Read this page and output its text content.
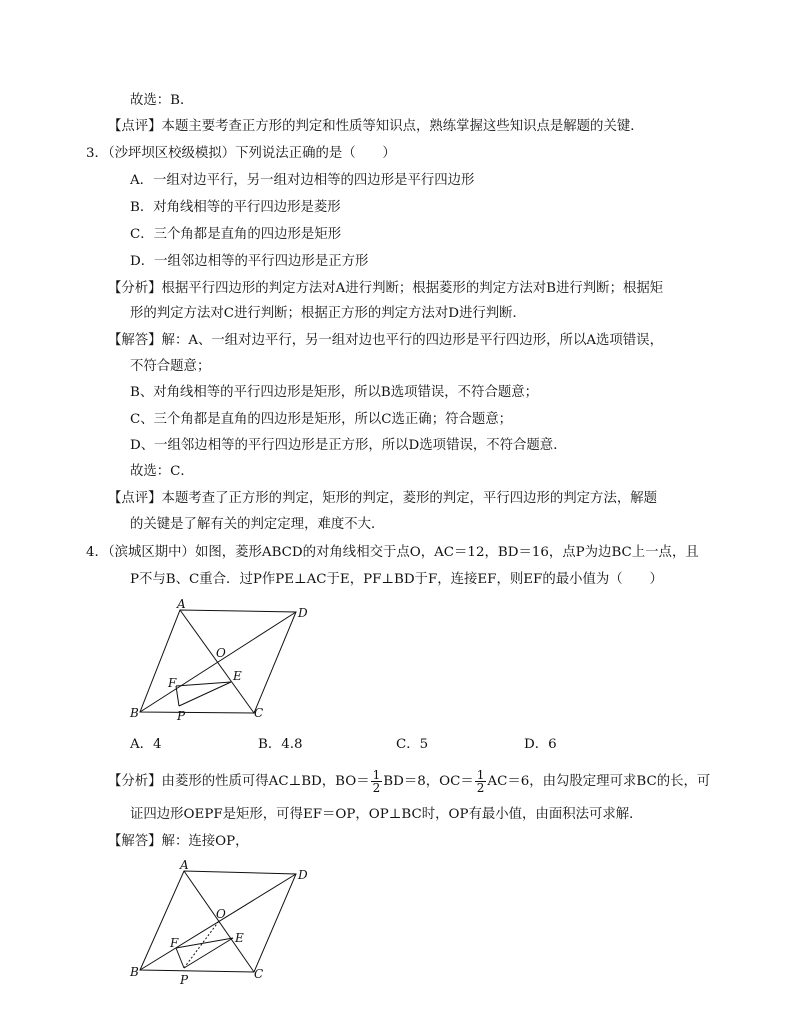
故选：B．
【点评】本题主要考查正方形的判定和性质等知识点，熟练掌握这些知识点是解题的关键．
3．（沙坪坝区校级模拟）下列说法正确的是（　　）
A．一组对边平行，另一组对边相等的四边形是平行四边形
B．对角线相等的平行四边形是菱形
C．三个角都是直角的四边形是矩形
D．一组邻边相等的平行四边形是正方形
【分析】根据平行四边形的判定方法对A进行判断；根据菱形的判定方法对B进行判断；根据矩
形的判定方法对C进行判断；根据正方形的判定方法对D进行判断．
【解答】解：A、一组对边平行，另一组对边也平行的四边形是平行四边形，所以A选项错误，
不符合题意；
B、对角线相等的平行四边形是矩形，所以B选项错误，不符合题意；
C、三个角都是直角的四边形是矩形，所以C选正确；符合题意；
D、一组邻边相等的平行四边形是正方形，所以D选项错误，不符合题意．
故选：C．
【点评】本题考查了正方形的判定，矩形的判定，菱形的判定，平行四边形的判定方法，解题
的关键是了解有关的判定定理，难度不大．
4．（滨城区期中）如图，菱形ABCD的对角线相交于点O，AC＝12，BD＝16，点P为边BC上一点，且
P不与B、C重合．过P作PE⊥AC于E，PF⊥BD于F，连接EF，则EF的最小值为（　　）
A
D
B	C
O
E
F
P
A．4	B．4.8	C．5	D．6
【分析】由菱形的性质可得AC⊥BD，$BO= \frac{1}{2} BD=8$，$OC= \frac{1}{2} AC=6$，由勾股定理可求BC的长，可
证四边形OEPF是矩形，可得EF＝OP，OP⊥BC时，OP有最小值，由面积法可求解．
【解答】解：连接OP，
A
D
B	C
O
E
F
P
